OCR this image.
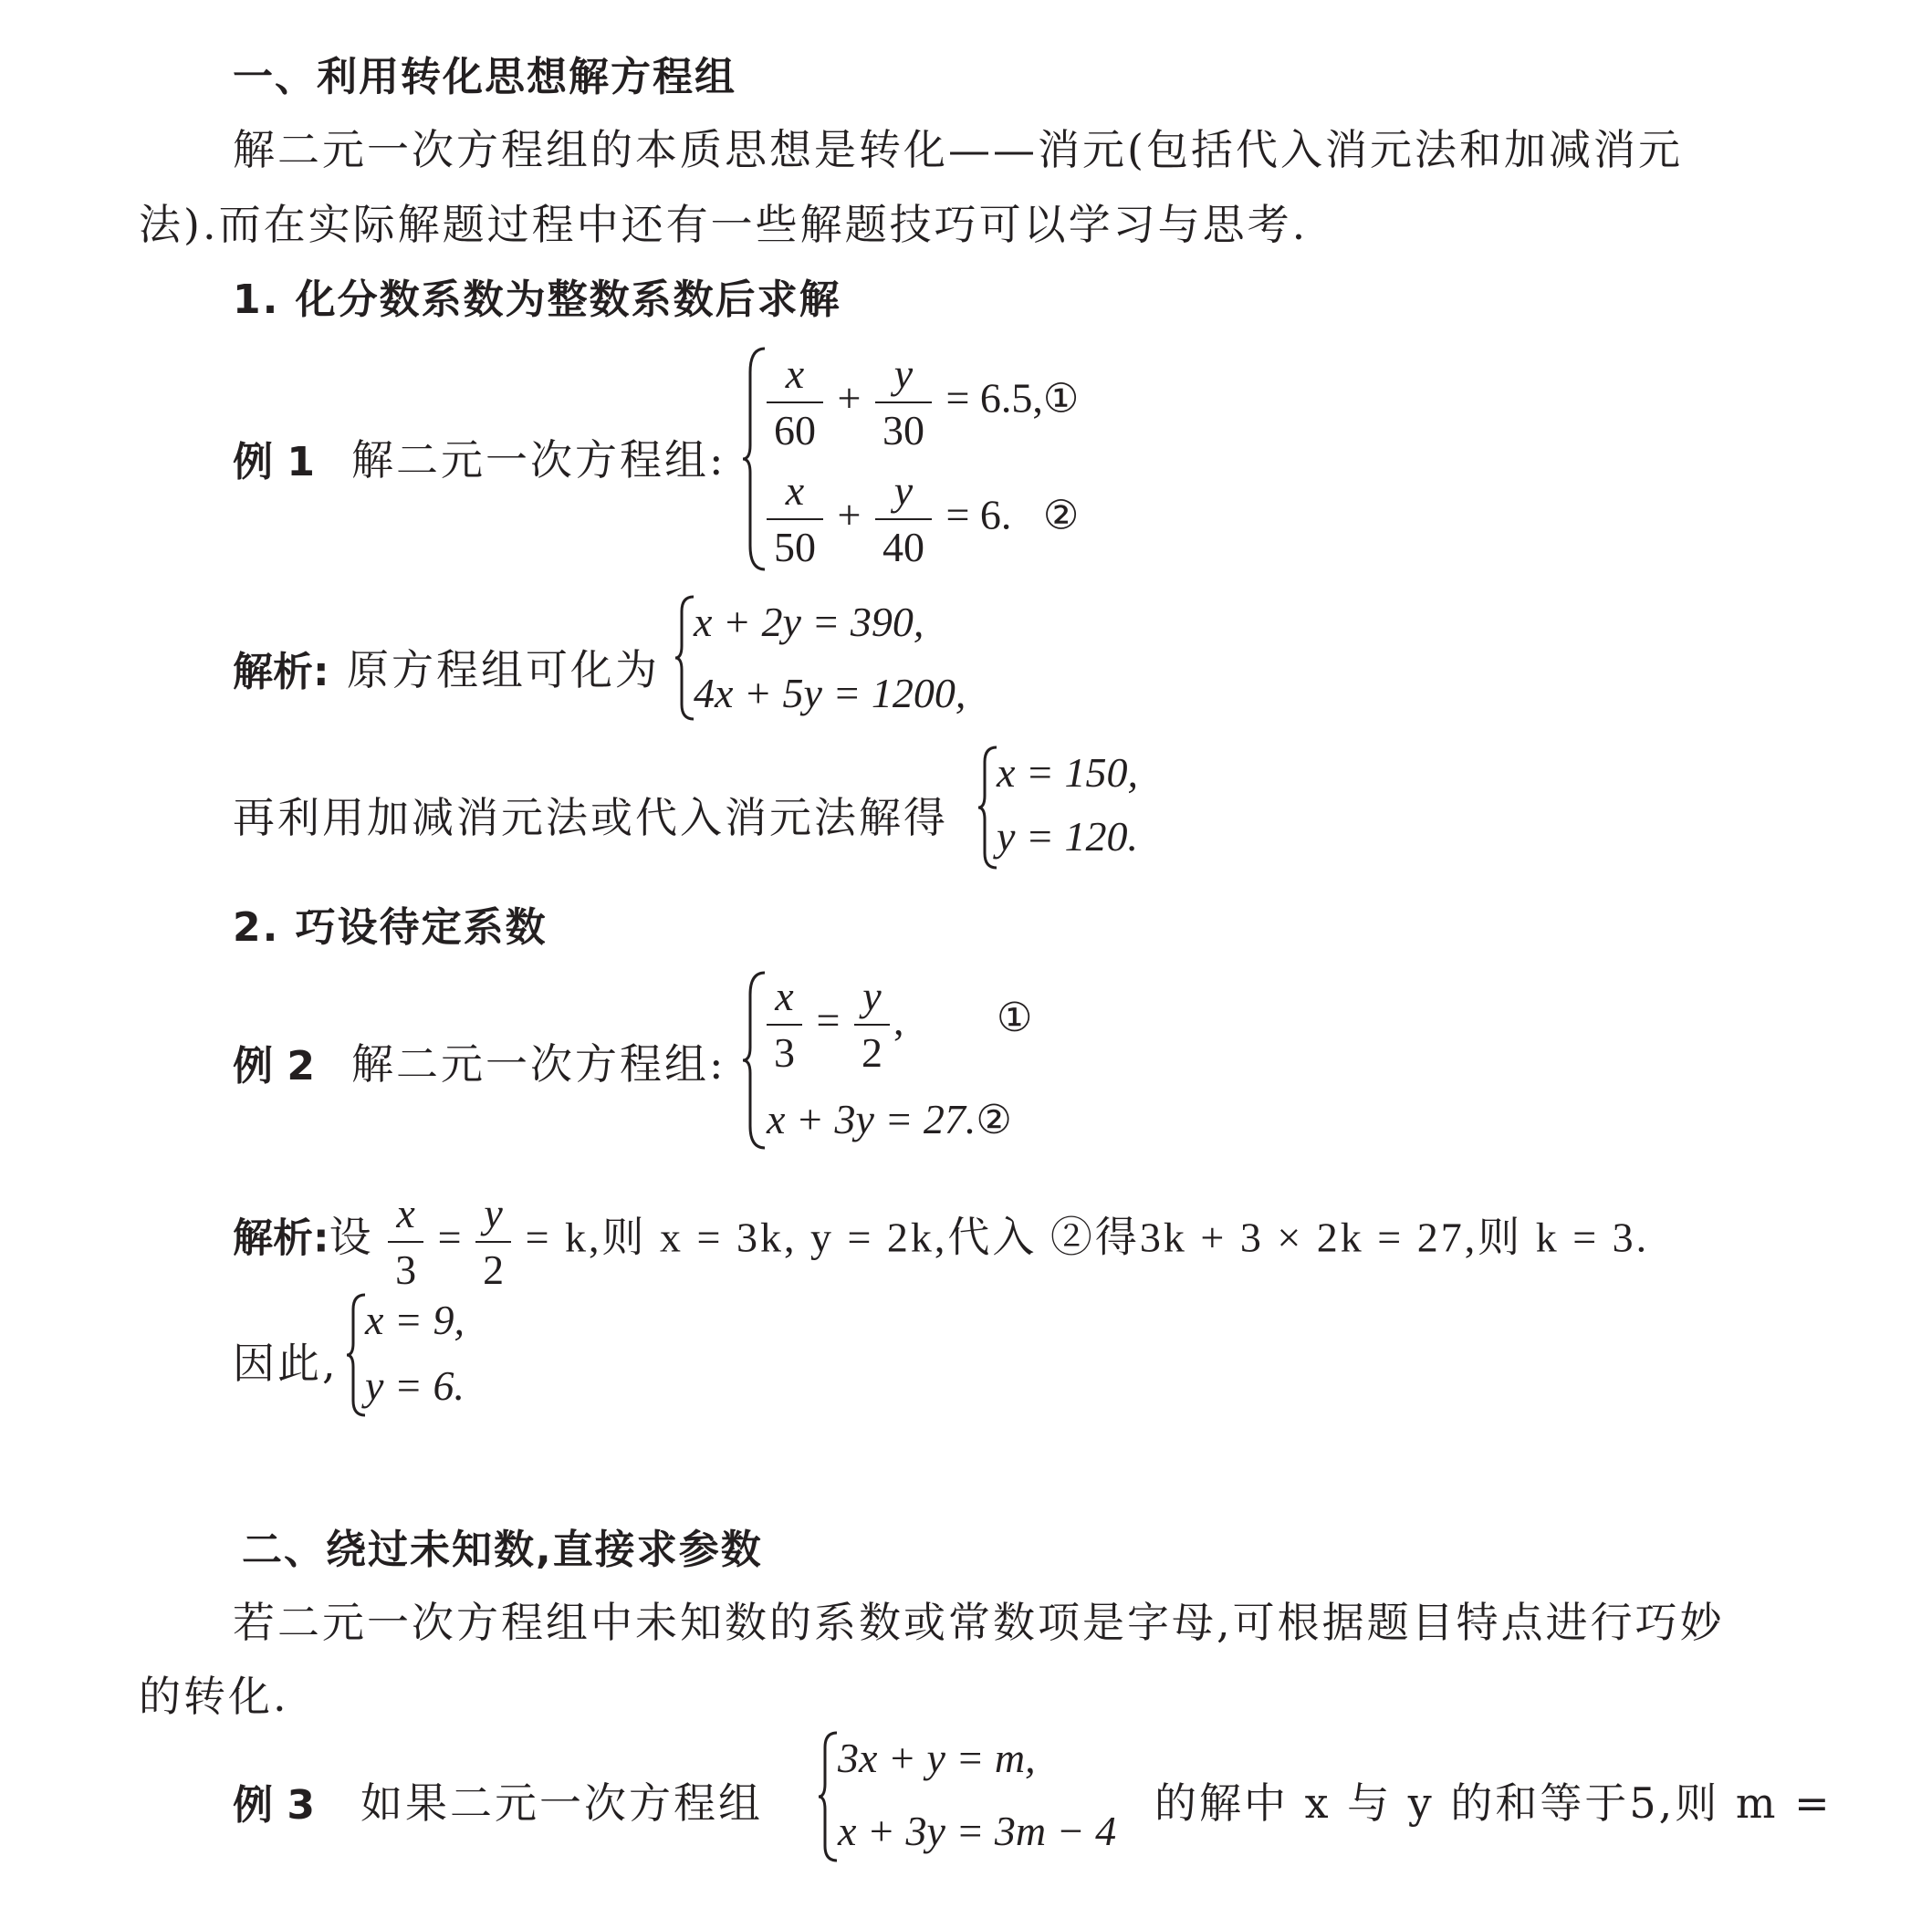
一、利用转化思想解方程组
解二元一次方程组的本质思想是转化——消元(包括代入消元法和加减消元
法).而在实际解题过程中还有一些解题技巧可以学习与思考.
1. 化分数系数为整数系数后求解
例 1 解二元一次方程组:
$\frac{x}{60} + \frac{y}{30}$ = 6.5,①
$\frac{x}{50} + \frac{y}{40} = 6$. ②
解析: 原方程组可化为
x + 2y = 390,
4x + 5y = 1200,
再利用加减消元法或代入消元法解得
x = 150,
y = 120.
2. 巧设待定系数
例 2 解二元一次方程组: $\frac{x}{3} = \frac{y}{2}$ , ①
x + 3y = 27.②
解析:设 $\frac{x}{3} = \frac{y}{2} = k$,则 x = 3k, y = 2k,代入 ②得3k + 3 × 2k = 27,则 k = 3.
因此,
x = 9,
y = 6.
二、绕过未知数,直接求参数
若二元一次方程组中未知数的系数或常数项是字母,可根据题目特点进行巧妙
的转化.
例 3 如果二元一次方程组
3x + y = m,
x + 3y = 3m − 4
的解中 x 与 y 的和等于5,则 m =
